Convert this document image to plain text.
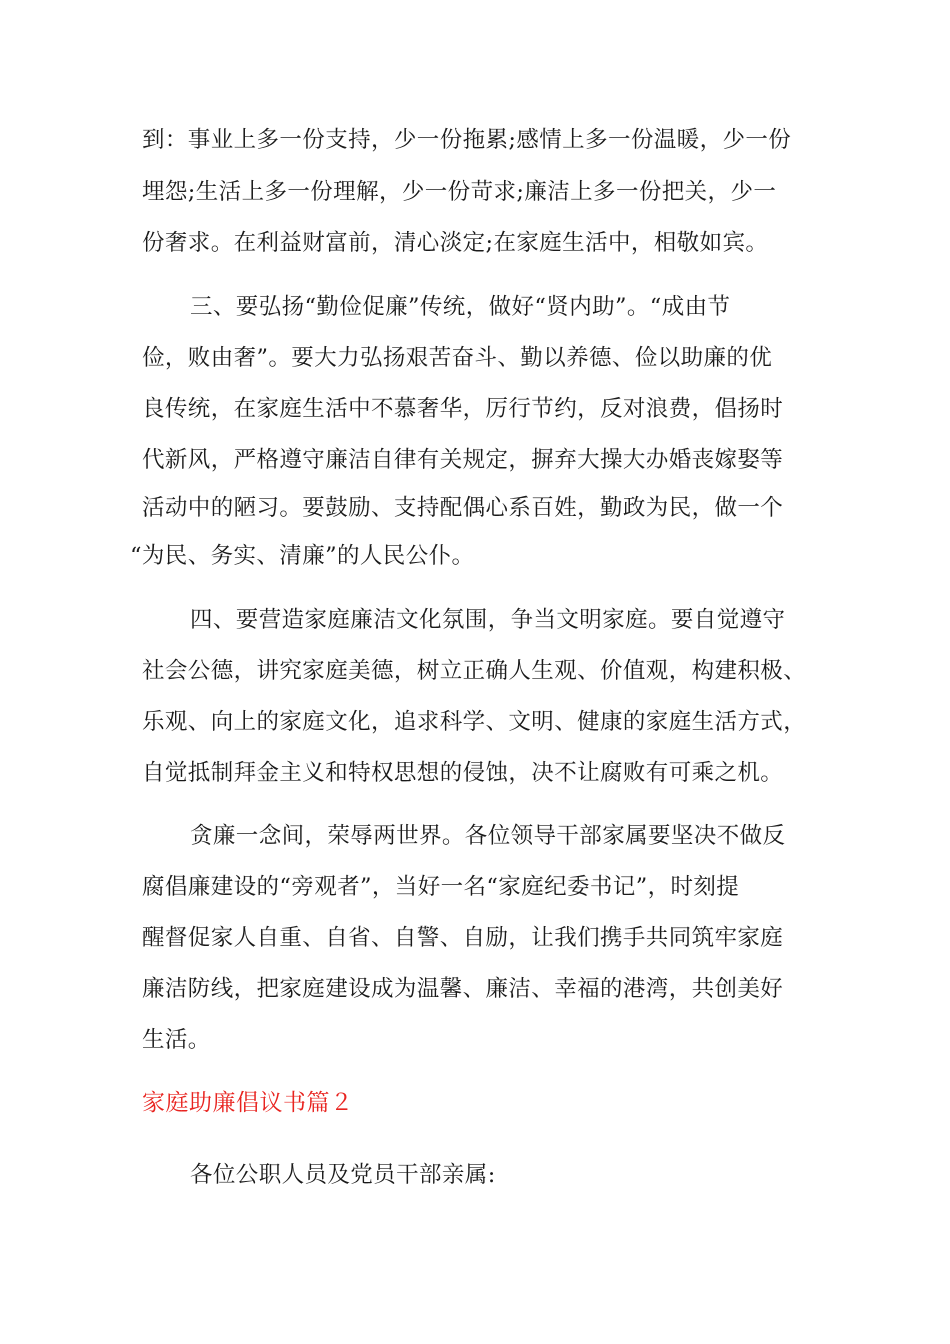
到：事业上多一份支持，少一份拖累;感情上多一份温暖，少一份
埋怨;生活上多一份理解，少一份苛求;廉洁上多一份把关，少一
份奢求。在利益财富前，清心淡定;在家庭生活中，相敬如宾。
三、要弘扬“勤俭促廉”传统，做好“贤内助”。“成由节
俭，败由奢”。要大力弘扬艰苦奋斗、勤以养德、俭以助廉的优
良传统，在家庭生活中不慕奢华，厉行节约，反对浪费，倡扬时
代新风，严格遵守廉洁自律有关规定，摒弃大操大办婚丧嫁娶等
活动中的陋习。要鼓励、支持配偶心系百姓，勤政为民，做一个
“为民、务实、清廉”的人民公仆。
四、要营造家庭廉洁文化氛围，争当文明家庭。要自觉遵守
社会公德，讲究家庭美德，树立正确人生观、价值观，构建积极、
乐观、向上的家庭文化，追求科学、文明、健康的家庭生活方式，
自觉抵制拜金主义和特权思想的侵蚀，决不让腐败有可乘之机。
贪廉一念间，荣辱两世界。各位领导干部家属要坚决不做反
腐倡廉建设的“旁观者”，当好一名“家庭纪委书记”，时刻提
醒督促家人自重、自省、自警、自励，让我们携手共同筑牢家庭
廉洁防线，把家庭建设成为温馨、廉洁、幸福的港湾，共创美好
生活。
家庭助廉倡议书篇２
各位公职人员及党员干部亲属:
